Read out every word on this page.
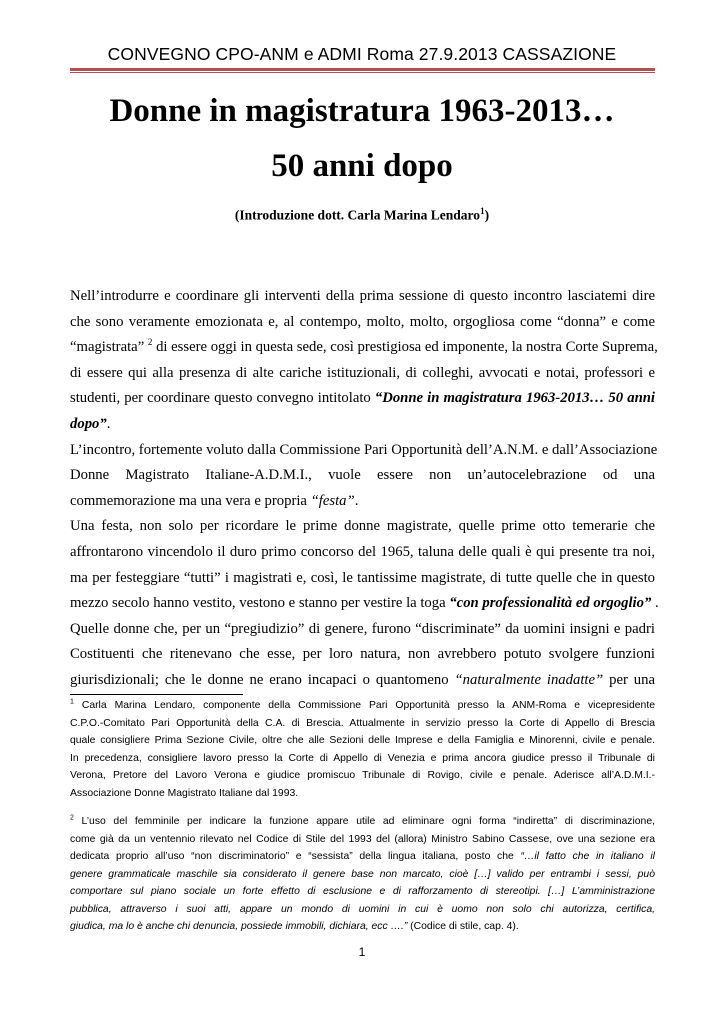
CONVEGNO CPO-ANM e ADMI Roma 27.9.2013 CASSAZIONE
Donne in magistratura 1963-2013…
50 anni dopo
(Introduzione dott. Carla Marina Lendaro$^1$)
Nell’introdurre e coordinare gli interventi della prima sessione di questo incontro lasciatemi dire
che sono veramente emozionata e, al contempo, molto, molto, orgogliosa come “donna” e come
“magistrata” $^2$ di essere oggi in questa sede, così prestigiosa ed imponente, la nostra Corte Suprema,
di essere qui alla presenza di alte cariche istituzionali, di colleghi, avvocati e notai, professori e
studenti, per coordinare questo convegno intitolato “Donne in magistratura 1963-2013… 50 anni
dopo”.
L’incontro, fortemente voluto dalla Commissione Pari Opportunità dell’A.N.M. e dall’Associazione
Donne Magistrato Italiane-A.D.M.I., vuole essere non un’autocelebrazione od una
commemorazione ma una vera e propria “festa”.
Una festa, non solo per ricordare le prime donne magistrate, quelle prime otto temerarie che
affrontarono vincendolo il duro primo concorso del 1965, taluna delle quali è qui presente tra noi,
ma per festeggiare “tutti” i magistrati e, così, le tantissime magistrate, di tutte quelle che in questo
mezzo secolo hanno vestito, vestono e stanno per vestire la toga “con professionalità ed orgoglio” .
Quelle donne che, per un “pregiudizio” di genere, furono “discriminate” da uomini insigni e padri
Costituenti che ritenevano che esse, per loro natura, non avrebbero potuto svolgere funzioni
giurisdizionali; che le donne ne erano incapaci o quantomeno “naturalmente inadatte” per una
$^1$ Carla Marina Lendaro, componente della Commissione Pari Opportunità presso la ANM-Roma e vicepresidente
C.P.O.-Comitato Pari Opportunità della C.A. di Brescia. Attualmente in servizio presso la Corte di Appello di Brescia
quale consigliere Prima Sezione Civile, oltre che alle Sezioni delle Imprese e della Famiglia e Minorenni, civile e penale.
In precedenza, consigliere lavoro presso la Corte di Appello di Venezia e prima ancora giudice presso il Tribunale di
Verona, Pretore del Lavoro Verona e giudice promiscuo Tribunale di Rovigo, civile e penale. Aderisce all’A.D.M.I.-
Associazione Donne Magistrato Italiane dal 1993.
$^2$ L’uso del femminile per indicare la funzione appare utile ad eliminare ogni forma “indiretta” di discriminazione,
come già da un ventennio rilevato nel Codice di Stile del 1993 del (allora) Ministro Sabino Cassese, ove una sezione era
dedicata proprio all’uso “non discriminatorio” e “sessista” della lingua italiana, posto che “…il fatto che in italiano il
genere grammaticale maschile sia considerato il genere base non marcato, cioè […] valido per entrambi i sessi, può
comportare sul piano sociale un forte effetto di esclusione e di rafforzamento di stereotipi. […] L’amministrazione
pubblica, attraverso i suoi atti, appare un mondo di uomini in cui è uomo non solo chi autorizza, certifica,
giudica, ma lo è anche chi denuncia, possiede immobili, dichiara, ecc ….” (Codice di stile, cap. 4).
1
